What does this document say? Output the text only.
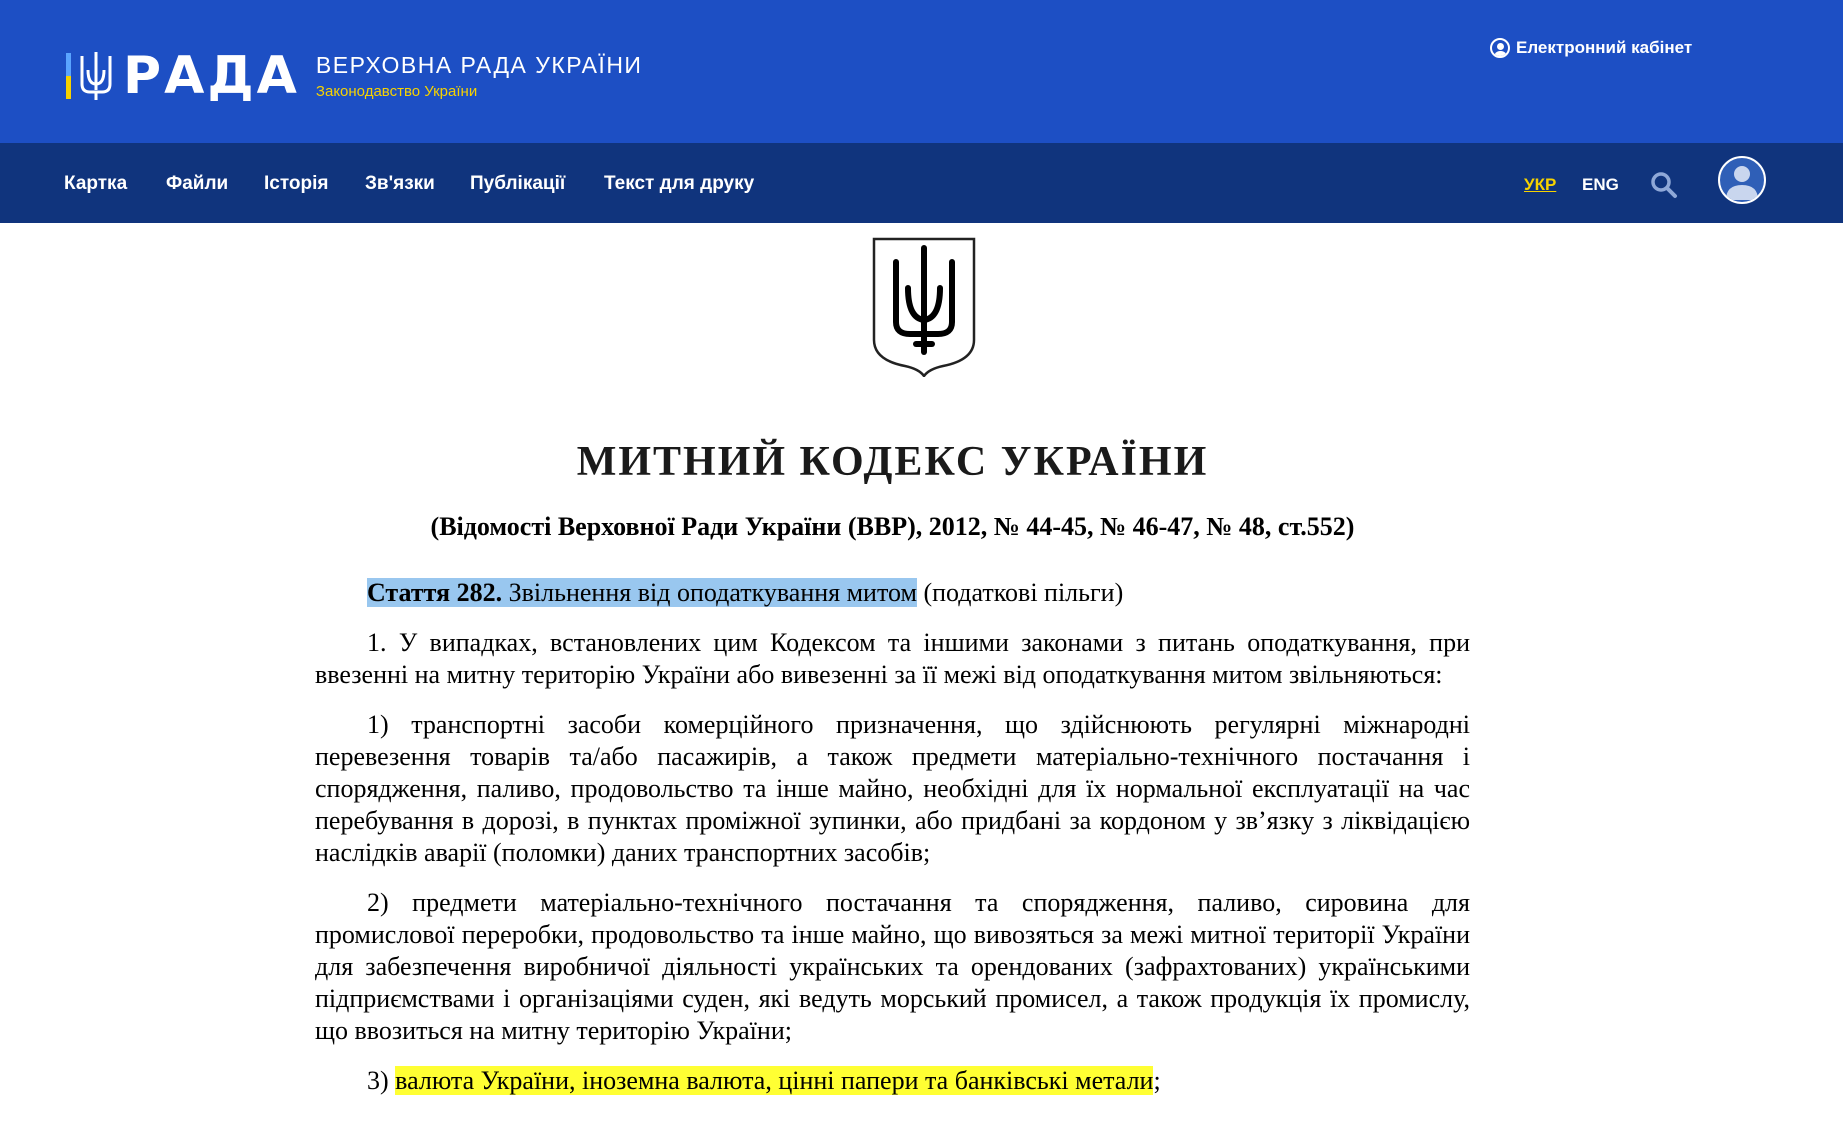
РАДА ВЕРХОВНА РАДА УКРАЇНИ
Законодавство України
Електронний кабінет
Картка Файли Історія Зв'язки Публікації Текст для друку	УКР ENG
МИТНИЙ КОДЕКС УКРАЇНИ
(Відомості Верховної Ради України (ВВР), 2012, № 44-45, № 46-47, № 48, ст.552)
Стаття 282. Звільнення від оподаткування митом (податкові пільги)
1. У випадках, встановлених цим Кодексом та іншими законами з питань оподаткування, при ввезенні на митну територію України або вивезенні за її межі від оподаткування митом звільняються:
1) транспортні засоби комерційного призначення, що здійснюють регулярні міжнародні перевезення товарів та/або пасажирів, а також предмети матеріально-технічного постачання і спорядження, паливо, продовольство та інше майно, необхідні для їх нормальної експлуатації на час перебування в дорозі, в пунктах проміжної зупинки, або придбані за кордоном у зв’язку з ліквідацією наслідків аварії (поломки) даних транспортних засобів;
2) предмети матеріально-технічного постачання та спорядження, паливо, сировина для промислової переробки, продовольство та інше майно, що вивозяться за межі митної території України для забезпечення виробничої діяльності українських та орендованих (зафрахтованих) українськими підприємствами і організаціями суден, які ведуть морський промисел, а також продукція їх промислу, що ввозиться на митну територію України;
3) валюта України, іноземна валюта, цінні папери та банківські метали;
